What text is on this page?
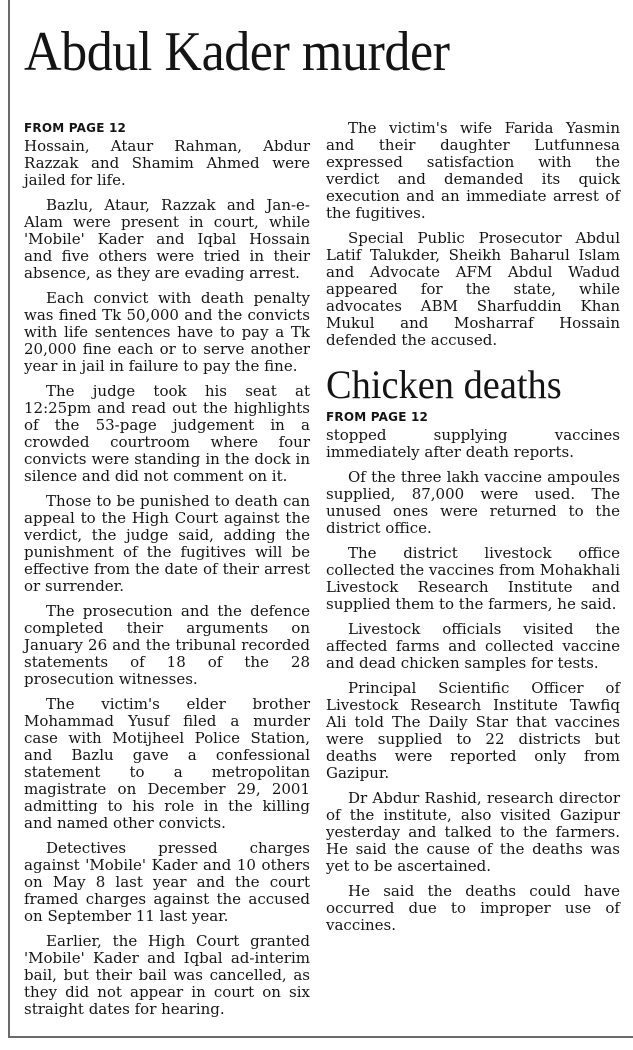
Abdul Kader murder
FROM PAGE 12

Hossain, Ataur Rahman, Abdur Razzak and Shamim Ahmed were jailed for life.

Bazlu, Ataur, Razzak and Jan-e-Alam were present in court, while 'Mobile' Kader and Iqbal Hossain and five others were tried in their absence, as they are evading arrest.

Each convict with death penalty was fined Tk 50,000 and the convicts with life sentences have to pay a Tk 20,000 fine each or to serve another year in jail in failure to pay the fine.

The judge took his seat at 12:25pm and read out the highlights of the 53-page judgement in a crowded courtroom where four convicts were standing in the dock in silence and did not comment on it.

Those to be punished to death can appeal to the High Court against the verdict, the judge said, adding the punishment of the fugitives will be effective from the date of their arrest or surrender.

The prosecution and the defence completed their arguments on January 26 and the tribunal recorded statements of 18 of the 28 prosecution witnesses.

The victim's elder brother Mohammad Yusuf filed a murder case with Motijheel Police Station, and Bazlu gave a confessional statement to a metropolitan magistrate on December 29, 2001 admitting to his role in the killing and named other convicts.

Detectives pressed charges against 'Mobile' Kader and 10 others on May 8 last year and the court framed charges against the accused on September 11 last year.

Earlier, the High Court granted 'Mobile' Kader and Iqbal ad-interim bail, but their bail was cancelled, as they did not appear in court on six straight dates for hearing.

The victim's wife Farida Yasmin and their daughter Lutfunnesa expressed satisfaction with the verdict and demanded its quick execution and an immediate arrest of the fugitives.

Special Public Prosecutor Abdul Latif Talukder, Sheikh Baharul Islam and Advocate AFM Abdul Wadud appeared for the state, while advocates ABM Sharfuddin Khan Mukul and Mosharraf Hossain defended the accused.

Chicken deaths
FROM PAGE 12

stopped supplying vaccines immediately after death reports.

Of the three lakh vaccine ampoules supplied, 87,000 were used. The unused ones were returned to the district office.

The district livestock office collected the vaccines from Mohakhali Livestock Research Institute and supplied them to the farmers, he said.

Livestock officials visited the affected farms and collected vaccine and dead chicken samples for tests.

Principal Scientific Officer of Livestock Research Institute Tawfiq Ali told The Daily Star that vaccines were supplied to 22 districts but deaths were reported only from Gazipur.

Dr Abdur Rashid, research director of the institute, also visited Gazipur yesterday and talked to the farmers. He said the cause of the deaths was yet to be ascertained.

He said the deaths could have occurred due to improper use of vaccines.
